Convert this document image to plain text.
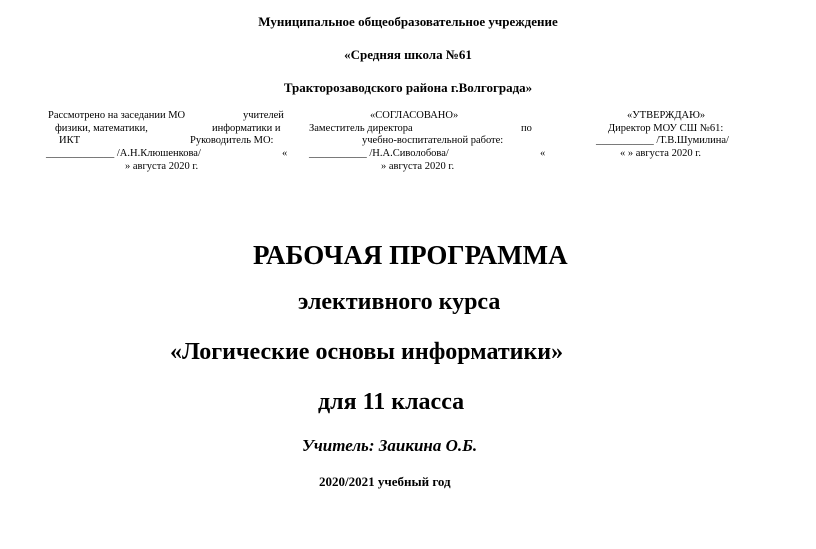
Муниципальное общеобразовательное учреждение
«Средняя школа №61
Тракторозаводского района г.Волгограда»
Рассмотрено на заседании МО	учителей
физики, математики,	информатики и
ИКТ	Руководитель МО:
_____________ /А.Н.Клюшенкова/	«
» августа 2020 г.
«СОГЛАСОВАНО»
Заместитель директора	по
учебно-воспитательной работе:
___________ /Н.А.Сиволобова/	«
» августа 2020 г.
«УТВЕРЖДАЮ»
Директор МОУ СШ №61:
___________ /Т.В.Шумилина/
« » августа 2020 г.
РАБОЧАЯ ПРОГРАММА
элективного курса
«Логические основы информатики»
для 11 класса
Учитель: Заикина О.Б.
2020/2021 учебный год
